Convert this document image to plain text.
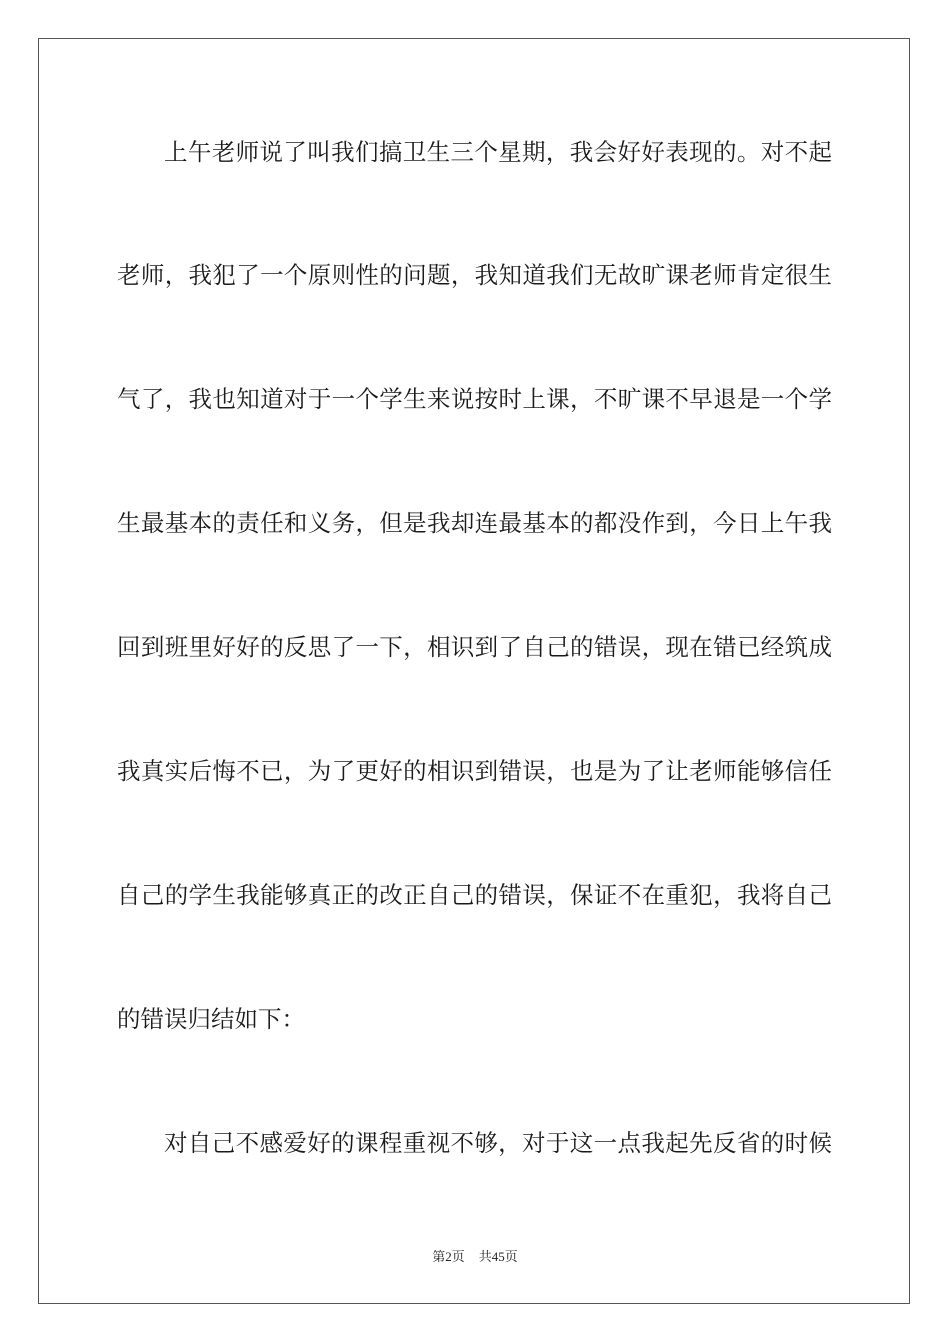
上午老师说了叫我们搞卫生三个星期，我会好好表现的。对不起
老师，我犯了一个原则性的问题，我知道我们无故旷课老师肯定很生
气了，我也知道对于一个学生来说按时上课，不旷课不早退是一个学
生最基本的责任和义务，但是我却连最基本的都没作到，今日上午我
回到班里好好的反思了一下，相识到了自己的错误，现在错已经筑成
我真实后悔不已，为了更好的相识到错误，也是为了让老师能够信任
自己的学生我能够真正的改正自己的错误，保证不在重犯，我将自己
的错误归结如下：
对自己不感爱好的课程重视不够，对于这一点我起先反省的时候
第2页 共45页
